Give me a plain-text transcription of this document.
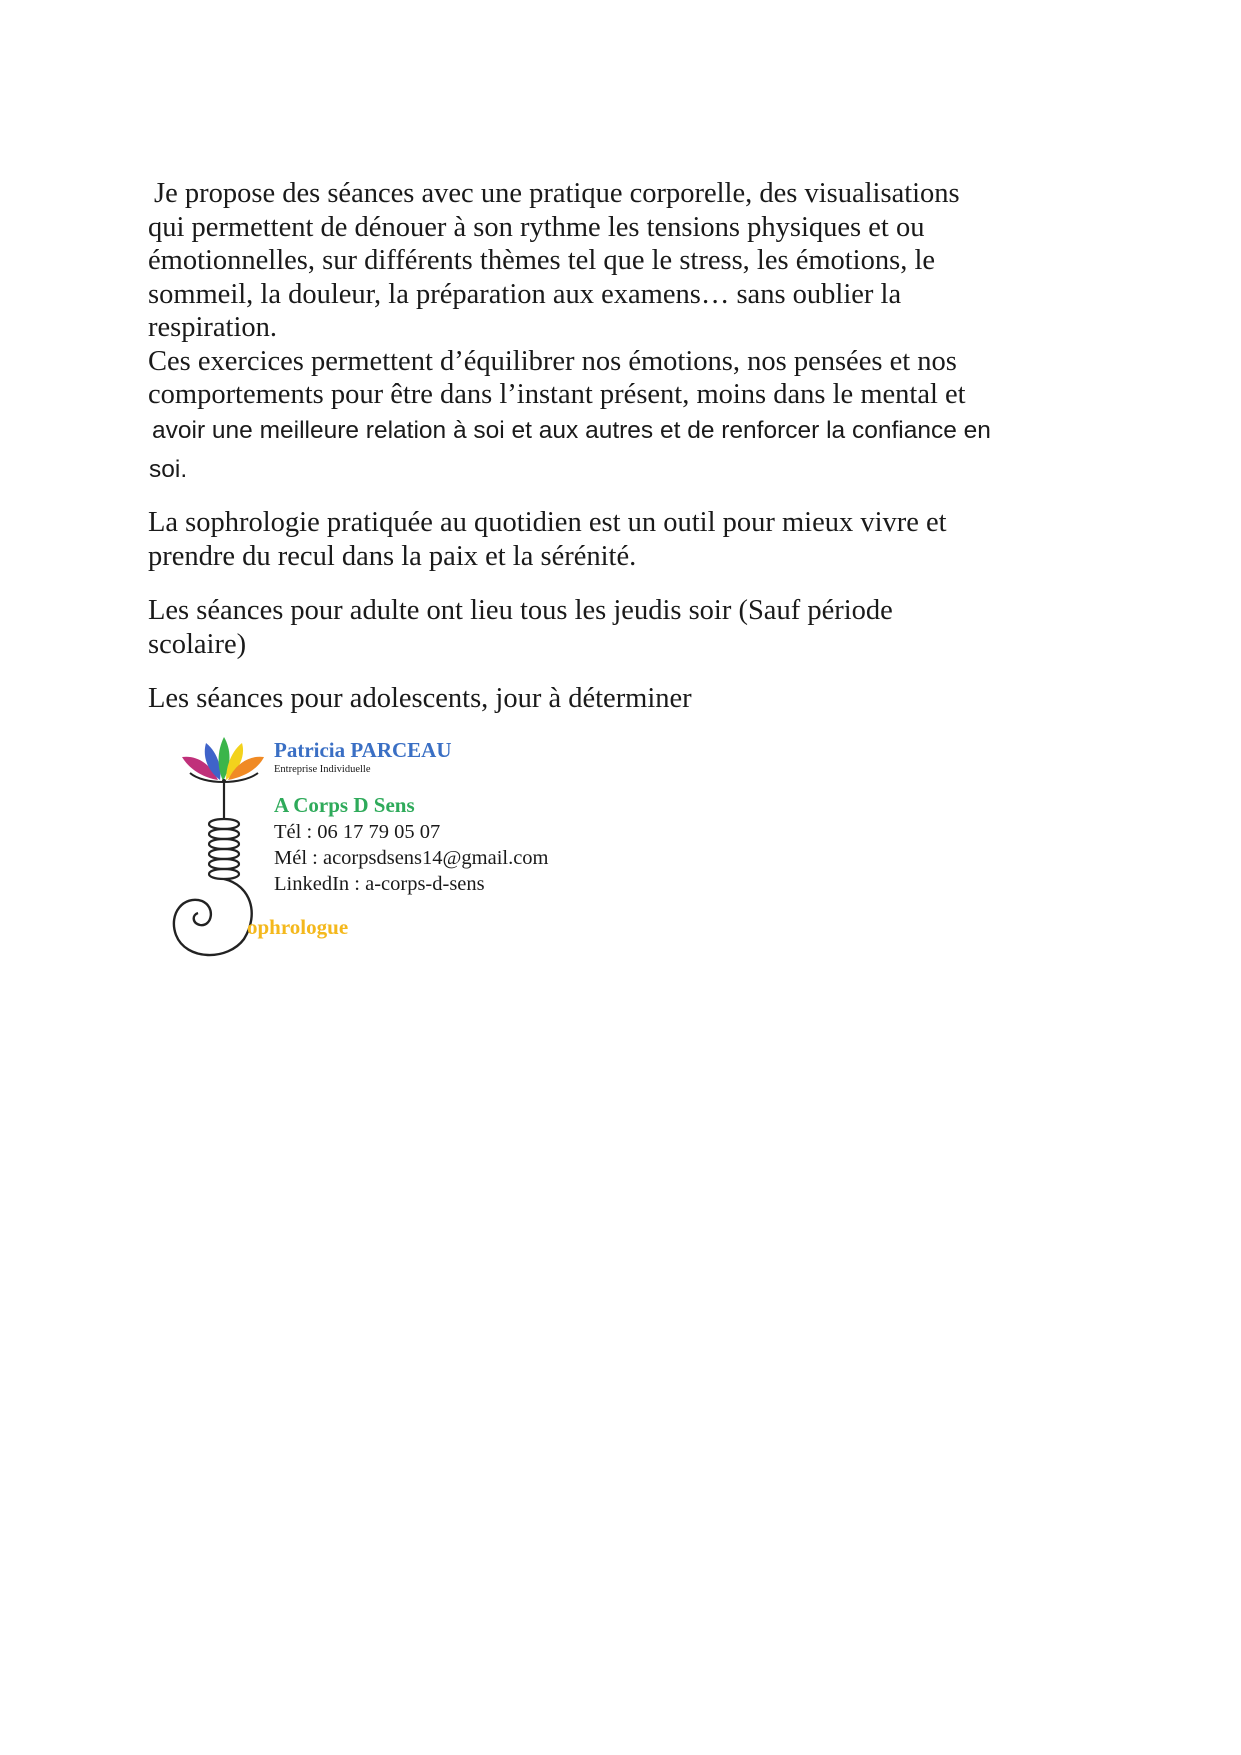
Je propose des séances avec une pratique corporelle, des visualisations
qui permettent de dénouer à son rythme les tensions physiques et ou
émotionnelles, sur différents thèmes tel que le stress, les émotions, le
sommeil, la douleur, la préparation aux examens… sans oublier la
respiration.
Ces exercices permettent d’équilibrer nos émotions, nos pensées et nos
comportements pour être dans l’instant présent, moins dans le mental et
avoir une meilleure relation à soi et aux autres et de renforcer la confiance en
soi.
La sophrologie pratiquée au quotidien est un outil pour mieux vivre et
prendre du recul dans la paix et la sérénité.
Les séances pour adulte ont lieu tous les jeudis soir (Sauf période
scolaire)
Les séances pour adolescents, jour à déterminer
Patricia PARCEAU
Entreprise Individuelle
A Corps D Sens
Tél : 06 17 79 05 07
Mél : acorpsdsens14@gmail.com
LinkedIn : a-corps-d-sens
ophrologue
